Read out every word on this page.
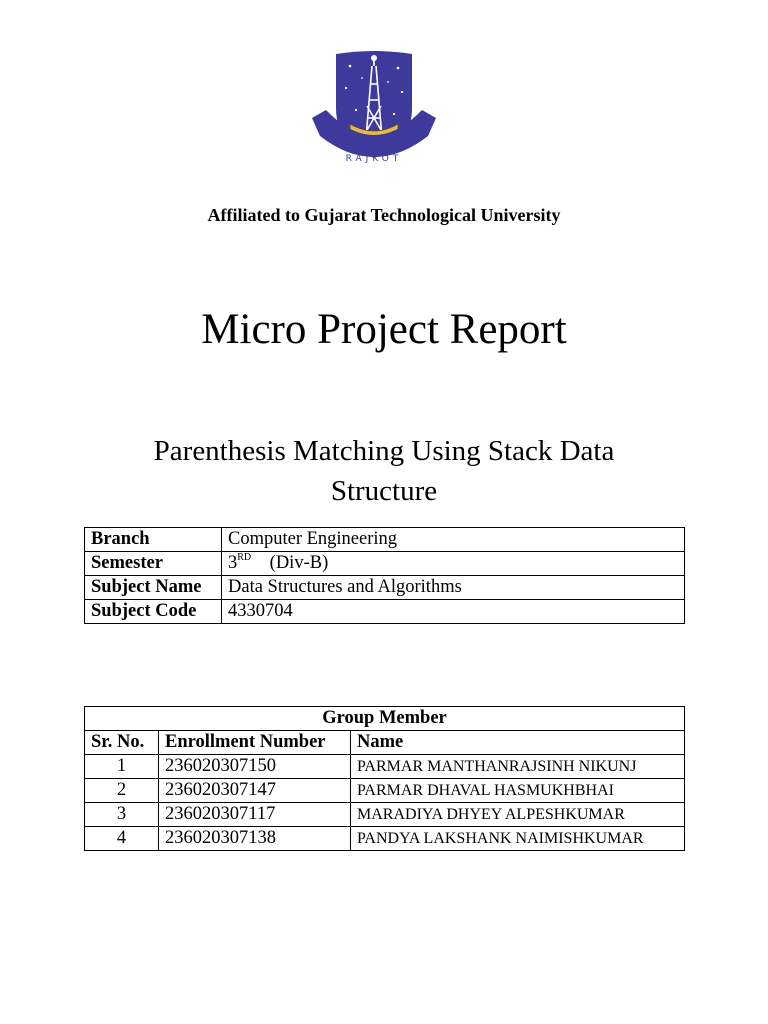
RAJKOT
Affiliated to Gujarat Technological University
Micro Project Report
Parenthesis Matching Using Stack Data Structure
Branch	Computer Engineering
Semester	3RD (Div-B)
Subject Name	Data Structures and Algorithms
Subject Code	4330704
Group Member		
Sr. No.	Enrollment Number	Name
1	236020307150	PARMAR MANTHANRAJSINH NIKUNJ
2	236020307147	PARMAR DHAVAL HASMUKHBHAI
3	236020307117	MARADIYA DHYEY ALPESHKUMAR
4	236020307138	PANDYA LAKSHANK NAIMISHKUMAR
